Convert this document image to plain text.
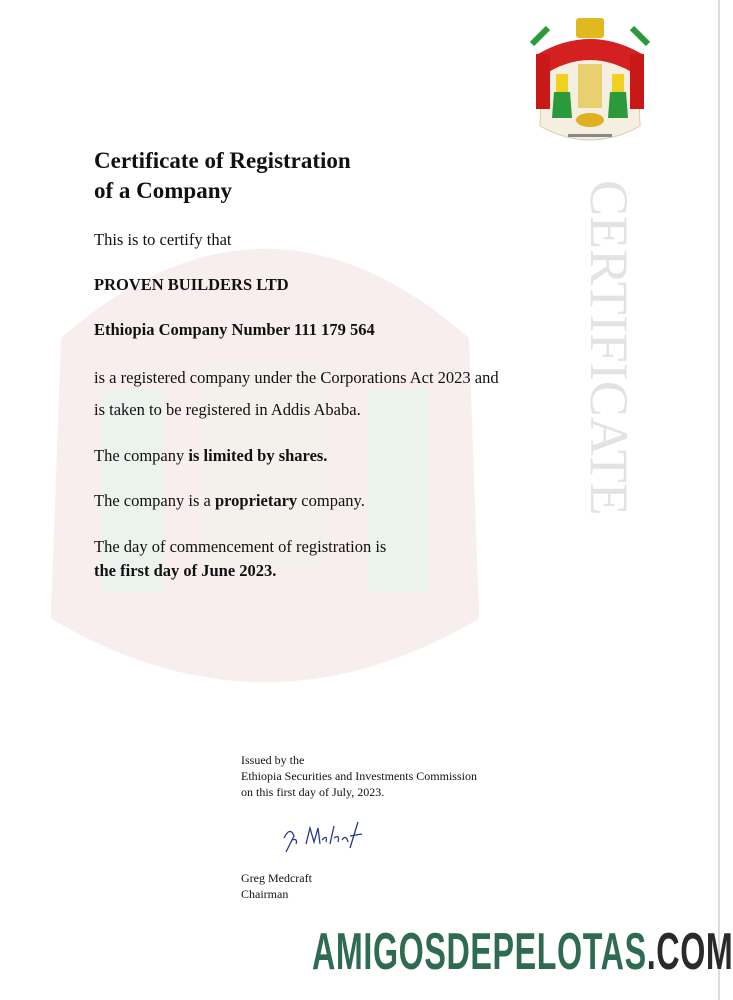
CERTIFICATE
Certificate of Registration
of a Company
This is to certify that
PROVEN BUILDERS LTD
Ethiopia Company Number 111 179 564
is a registered company under the Corporations Act 2023 and
is taken to be registered in Addis Ababa.
The company is limited by shares.
The company is a proprietary company.
The day of commencement of registration is
the first day of June 2023.
Issued by the
Ethiopia Securities and Investments Commission
on this first day of July, 2023.
Greg Medcraft
Chairman
AMIGOSDEPELOTAS.COM
